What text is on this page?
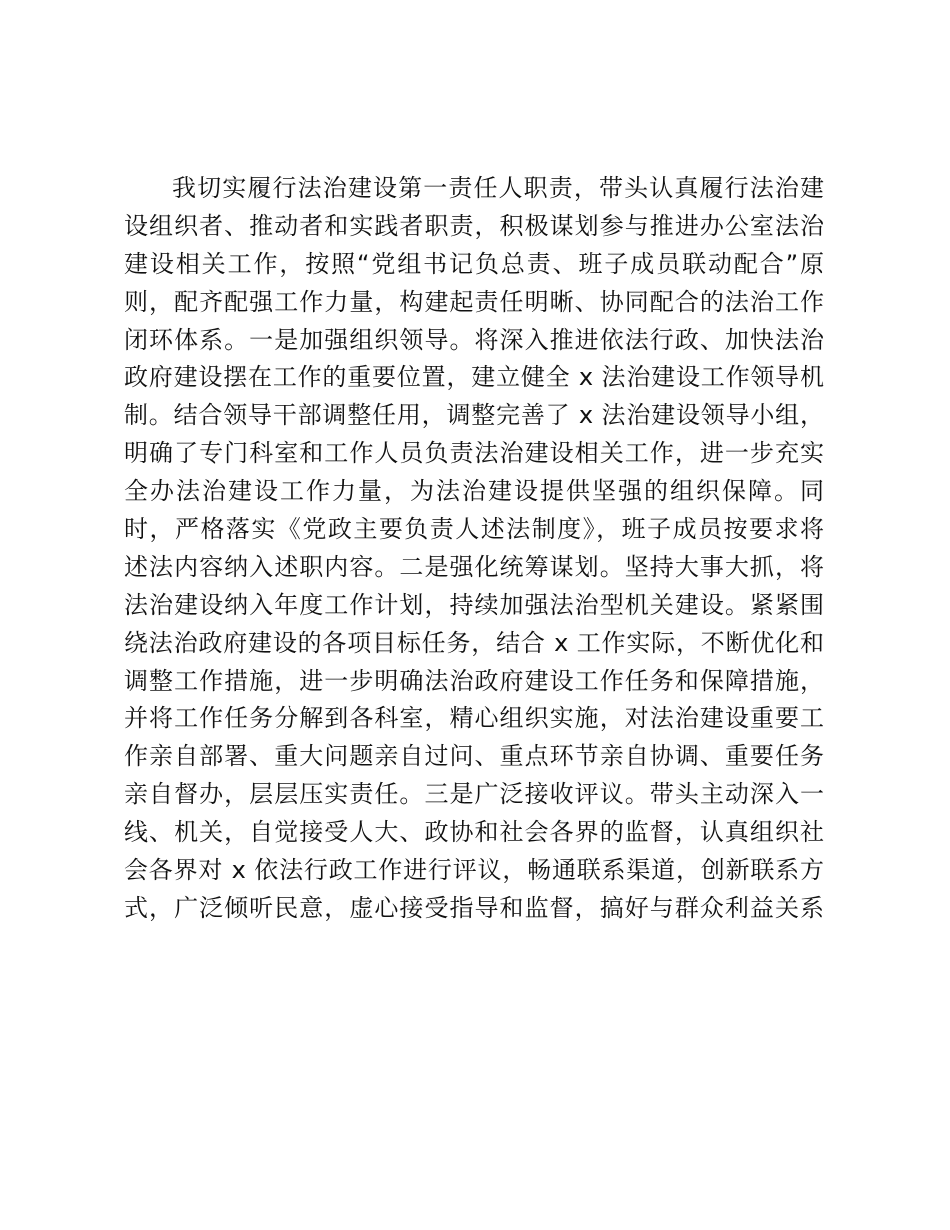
我切实履行法治建设第一责任人职责，带头认真履行法治建
设组织者、推动者和实践者职责，积极谋划参与推进办公室法治
建设相关工作，按照“党组书记负总责、班子成员联动配合”原
则，配齐配强工作力量，构建起责任明晰、协同配合的法治工作
闭环体系。一是加强组织领导。将深入推进依法行政、加快法治
政府建设摆在工作的重要位置，建立健全 x 法治建设工作领导机
制。结合领导干部调整任用，调整完善了 x 法治建设领导小组，
明确了专门科室和工作人员负责法治建设相关工作，进一步充实
全办法治建设工作力量，为法治建设提供坚强的组织保障。同
时，严格落实《党政主要负责人述法制度》，班子成员按要求将
述法内容纳入述职内容。二是强化统筹谋划。坚持大事大抓，将
法治建设纳入年度工作计划，持续加强法治型机关建设。紧紧围
绕法治政府建设的各项目标任务，结合 x 工作实际，不断优化和
调整工作措施，进一步明确法治政府建设工作任务和保障措施，
并将工作任务分解到各科室，精心组织实施，对法治建设重要工
作亲自部署、重大问题亲自过问、重点环节亲自协调、重要任务
亲自督办，层层压实责任。三是广泛接收评议。带头主动深入一
线、机关，自觉接受人大、政协和社会各界的监督，认真组织社
会各界对 x 依法行政工作进行评议，畅通联系渠道，创新联系方
式，广泛倾听民意，虚心接受指导和监督，搞好与群众利益关系
